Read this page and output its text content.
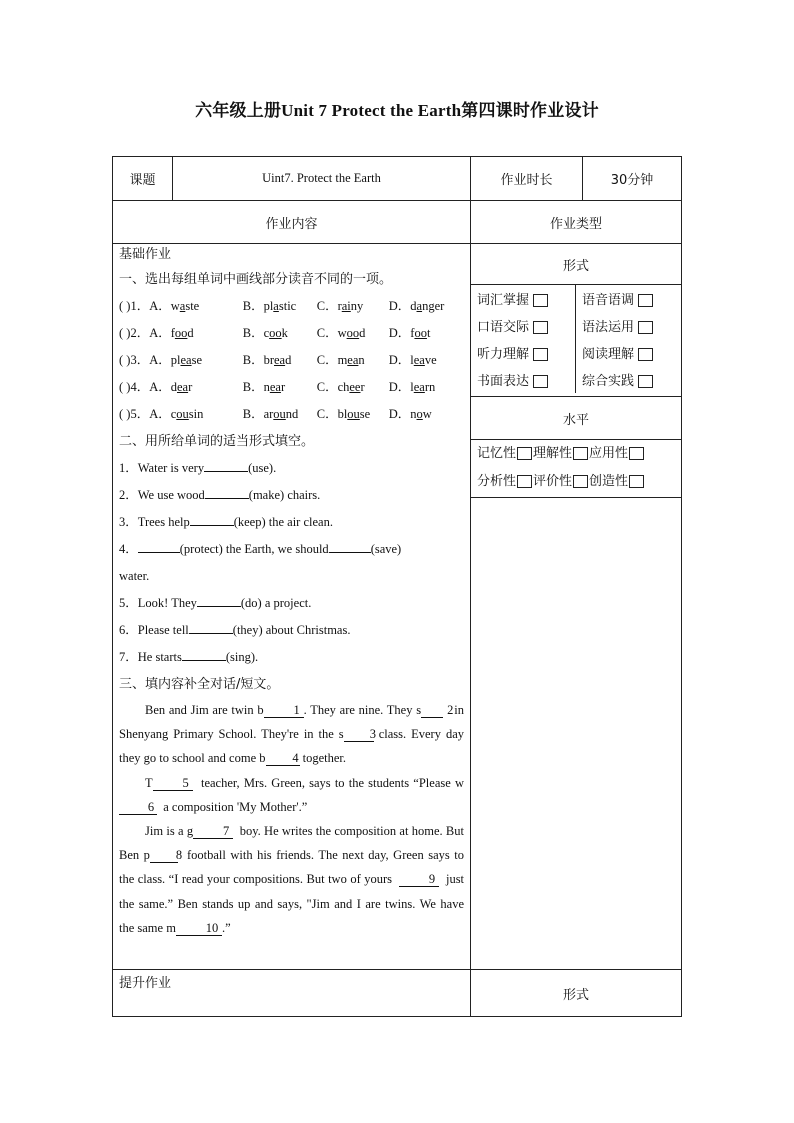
六年级上册Unit 7 Protect the Earth第四课时作业设计
课题	Uint7. Protect the Earth	作业时长	30分钟
作业内容	作业类型

基础作业
一、选出每组单词中画线部分读音不同的一项。
( )1．A．waste	B．plastic C．rainy D．danger
( )2．A．food	B．cook C．wood D．foot
( )3．A．please	B．bread C．mean D．leave
( )4．A．dear	B．near	C．cheer D．learn
( )5．A．cousin	B．around C．blouse D．now
二、用所给单词的适当形式填空。
1．Water is very	(use).
2．We use wood	(make) chairs.
3．Trees help	(keep) the air clean.
4．	(protect) the Earth, we should	(save)
water.
5．Look! They	(do) a project.
6．Please tell	(they) about Christmas.
7．He starts	(sing).
三、填内容补全对话/短文。

Ben and Jim are twin b 1 . They are nine. They s 2   in Shenyang Primary School. They're in the s 3 class. Every day they go to school and come b 4 together.

T 5 teacher, Mrs. Green, says to the students “Please w6 a composition 'My Mother'.”

Jim is a g 7 boy. He writes the composition at home. But Ben p 8 football with his friends. The next day, Green says to the class. “I read your compositions. But two of yours	9 just the same.” Ben stands up and says, "Jim and I are twins. We have the same m 10 .”

	形式

词汇掌握	语音语调
口语交际	语法运用
听力理解	阅读理解
书面表达	综合实践

水平

记忆性 理解性 应用性
分析性 评价性 创造性

提升作业	形式
